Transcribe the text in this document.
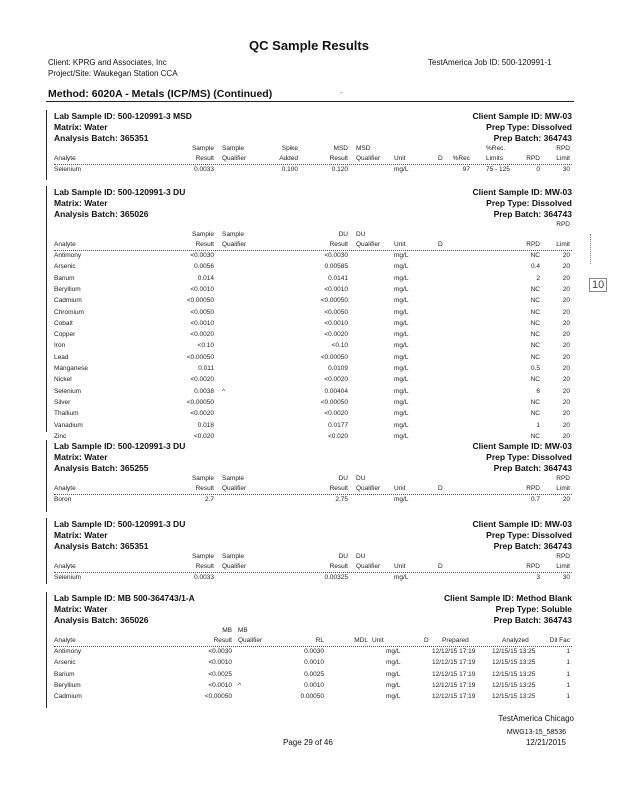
QC Sample Results
Client: KPRG and Associates, Inc
Project/Site: Waukegan Station CCA
TestAmerica Job ID: 500-120991-1
Method: 6020A - Metals (ICP/MS) (Continued)	-
Lab Sample ID: 500-120991-3 MSD	Client Sample ID: MW-03
Matrix: Water	Prep Type: Dissolved
Analysis Batch: 365351	Prep Batch: 364743
Sample Sample	Spike	MSD MSD	%Rec.	RPD
Analyte	Result Qualifier	Added	Result Qualifier Unit	D %Rec Limits	RPD	Limit
Selenium	0.0033	0.100	0.120	mg/L	97 75 - 125	0	30
Lab Sample ID: 500-120991-3 DU	Client Sample ID: MW-03
Matrix: Water	Prep Type: Dissolved
Analysis Batch: 365026	Prep Batch: 364743
RPD
Sample Sample	DU DU
Analyte	Result Qualifier	Result Qualifier Unit	D	RPD	Limit
Antimony	<0.0030	<0.0030	mg/L	NC	20
Arsenic	0.0056	0.00585	mg/L	0.4	20
Barium	0.014	0.0141	mg/L	2	20
Beryllium	<0.0010	<0.0010	mg/L	NC	20
Cadmium	<0.00050	<0.00050	mg/L	NC	20
Chromium	<0.0050	<0.0050	mg/L	NC	20
Cobalt	<0.0010	<0.0010	mg/L	NC	20
Copper	<0.0020	<0.0020	mg/L	NC	20
Iron	<0.10	<0.10	mg/L	NC	20
Lead	<0.00050	<0.00050	mg/L	NC	20
Manganese	0.011	0.0109	mg/L	0.5	20
Nickel	<0.0020	<0.0020	mg/L	NC	20
Selenium	0.0038 ^	0.00404	mg/L	6	20
Silver	<0.00050	<0.00050	mg/L	NC	20
Thallium	<0.0020	<0.0020	mg/L	NC	20
Vanadium	0.018	0.0177	mg/L	1	20
Zinc	<0.020	<0.020	mg/L	NC	20
Lab Sample ID: 500-120991-3 DU	Client Sample ID: MW-03
Matrix: Water	Prep Type: Dissolved
Analysis Batch: 365255	Prep Batch: 364743
Sample Sample	DU DU	RPD
Analyte	Result Qualifier	Result Qualifier Unit	D	RPD	Limit
Boron	2.7	2.75	mg/L	0.7	20
Lab Sample ID: 500-120991-3 DU	Client Sample ID: MW-03
Matrix: Water	Prep Type: Dissolved
Analysis Batch: 365351	Prep Batch: 364743
Sample Sample	DU DU	RPD
Analyte	Result Qualifier	Result Qualifier Unit	D	RPD	Limit
Selenium	0.0033	0.00325	mg/L	3	30
Lab Sample ID: MB 500-364743/1-A	Client Sample ID: Method Blank
Matrix: Water	Prep Type: Soluble
Analysis Batch: 365026	Prep Batch: 364743
MB MB
Analyte	Result Qualifier	RL	MDL Unit	D Prepared	Analyzed	Dil Fac
Antimony	<0.0030	0.0030	mg/L	12/12/15 17:19	12/15/15 13:25	1
Arsenic	<0.0010	0.0010	mg/L	12/12/15 17:19	12/15/15 13:25	1
Barium	<0.0025	0.0025	mg/L	12/12/15 17:19	12/15/15 13:25	1
Beryllium	<0.0010 ^	0.0010	mg/L	12/12/15 17:19	12/15/15 13:25	1
Cadmium	<0.00050	0.00050	mg/L	12/12/15 17:19	12/15/15 13:25	1
TestAmerica Chicago
Page 29 of 46
MWG13-15_58536
12/21/2015
10
